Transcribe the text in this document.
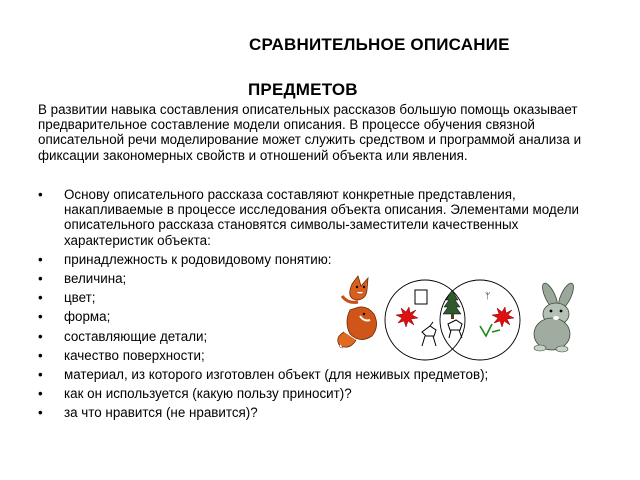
СРАВНИТЕЛЬНОЕ ОПИСАНИЕ
ПРЕДМЕТОВ
В развитии навыка составления описательных рассказов большую помощь оказывает предварительное составление модели описания. В процессе обучения связной описательной речи моделирование может служить средством и программой анализа и фиксации закономерных свойств и отношений объекта или явления.
• Основу описательного рассказа составляют конкретные представления, накапливаемые в процессе исследования объекта описания. Элементами модели описательного рассказа становятся символы-заместители качественных характеристик объекта:
• принадлежность к родовидовому понятию:
• величина;
• цвет;
• форма;
• составляющие детали;
• качество поверхности;
• материал, из которого изготовлен объект (для неживых предметов);
• как он используется (какую пользу приносит)?
• за что нравится (не нравится)?
ᛘ
